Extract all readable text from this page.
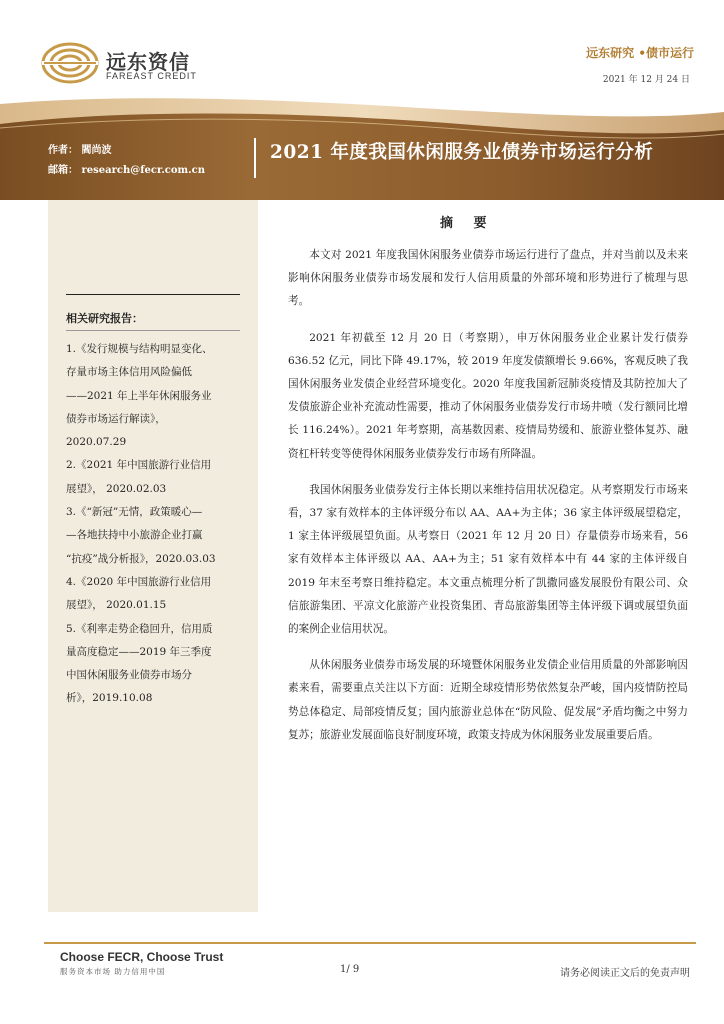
远东资信
FAREAST CREDIT
远东研究 •债市运行
2021 年 12 月 24 日
作者： 閻尚波
邮箱： research@fecr.com.cn
2021 年度我国休闲服务业债券市场运行分析
相关研究报告：
1.《发行规模与结构明显变化、
存量市场主体信用风险偏低
——2021 年上半年休闲服务业
债券市场运行解读》，
2020.07.29
2.《2021 年中国旅游行业信用
展望》， 2020.02.03
3.《“新冠”无情，政策暖心—
—各地扶持中小旅游企业打赢
“抗疫”战分析报》，2020.03.03
4.《2020 年中国旅游行业信用
展望》， 2020.01.15
5.《利率走势企稳回升，信用质
量高度稳定——2019 年三季度
中国休闲服务业债券市场分
析》，2019.10.08
摘 要

本文对 2021 年度我国休闲服务业债券市场运行进行了盘点，并对当前以及未来影响休闲服务业债券市场发展和发行人信用质量的外部环境和形势进行了梳理与思考。

2021 年初截至 12 月 20 日（考察期），申万休闲服务业企业累计发行债券 636.52 亿元，同比下降 49.17%，较 2019 年度发债额增长 9.66%，客观反映了我国休闲服务业发债企业经营环境变化。2020 年度我国新冠肺炎疫情及其防控加大了发债旅游企业补充流动性需要，推动了休闲服务业债券发行市场井喷（发行额同比增长 116.24%）。2021 年考察期，高基数因素、疫情局势缓和、旅游业整体复苏、融资杠杆转变等使得休闲服务业债券发行市场有所降温。

我国休闲服务业债券发行主体长期以来维持信用状况稳定。从考察期发行市场来看，37 家有效样本的主体评级分布以 AA、AA+为主体；36 家主体评级展望稳定，1 家主体评级展望负面。从考察日（2021 年 12 月 20 日）存量债券市场来看，56 家有效样本主体评级以 AA、AA+为主；51 家有效样本中有 44 家的主体评级自 2019 年末至考察日维持稳定。本文重点梳理分析了凯撒同盛发展股份有限公司、众信旅游集团、平凉文化旅游产业投资集团、青岛旅游集团等主体评级下调或展望负面的案例企业信用状况。

从休闲服务业债券市场发展的环境暨休闲服务业发债企业信用质量的外部影响因素来看，需要重点关注以下方面：近期全球疫情形势依然复杂严峻，国内疫情防控局势总体稳定、局部疫情反复；国内旅游业总体在“防风险、促发展”矛盾均衡之中努力复苏；旅游业发展面临良好制度环境，政策支持成为休闲服务业发展重要后盾。

Choose FECR, Choose Trust
服务资本市场 助力信用中国	1/ 9	请务必阅读正文后的免责声明
